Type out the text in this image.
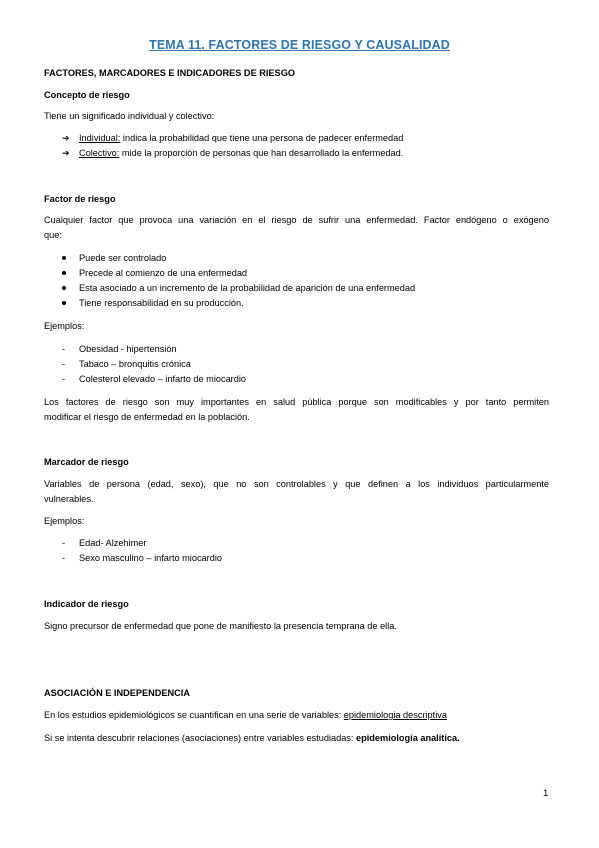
TEMA 11. FACTORES DE RIESGO Y CAUSALIDAD
FACTORES, MARCADORES E INDICADORES DE RIESGO
Concepto de riesgo
Tiene un significado individual y colectivo:
➔ Individual: indica la probabilidad que tiene una persona de padecer enfermedad
➔ Colectivo: mide la proporción de personas que han desarrollado la enfermedad.
Factor de riesgo
Cualquier factor que provoca una variación en el riesgo de sufrir una enfermedad. Factor endógeno o exógeno
que:
Puede ser controlado
Precede al comienzo de una enfermedad
Esta asociado a un incremento de la probabilidad de aparición de una enfermedad
Tiene responsabilidad en su producción.
Ejemplos:
- Obesidad - hipertensión
- Tabaco – bronquitis crónica
- Colesterol elevado – infarto de miocardio
Los factores de riesgo son muy importantes en salud pública porque son modificables y por tanto permiten
modificar el riesgo de enfermedad en la población.
Marcador de riesgo
Variables de persona (edad, sexo), que no son controlables y que definen a los individuos particularmente
vulnerables.
Ejemplos:
- Edad- Alzehimer
- Sexo masculino – infarto miocardio
Indicador de riesgo
Signo precursor de enfermedad que pone de manifiesto la presencia temprana de ella.
ASOCIACIÓN E INDEPENDENCIA
En los estudios epidemiológicos se cuantifican en una serie de variables: epidemiologia descriptiva
Si se intenta descubrir relaciones (asociaciones) entre variables estudiadas: epidemiología analítica.
1
